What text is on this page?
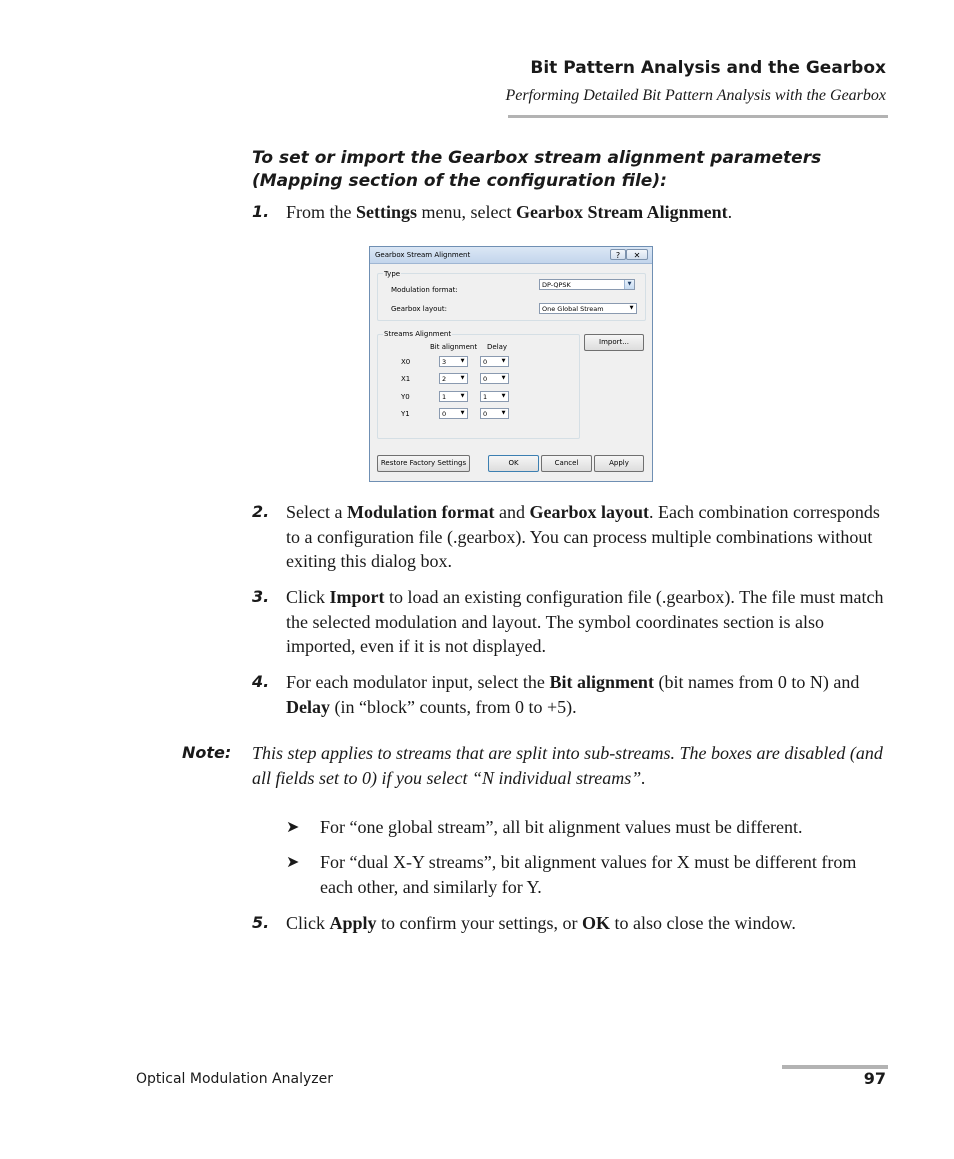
Bit Pattern Analysis and the Gearbox
Performing Detailed Bit Pattern Analysis with the Gearbox
To set or import the Gearbox stream alignment parameters
(Mapping section of the configuration file):
1. From the Settings menu, select Gearbox Stream Alignment.
Gearbox Stream Alignment	?	✕
Type
Modulation format:
DP-QPSK	▼
Gearbox layout:	One Global Stream	▼
Streams Alignment
Bit alignment Delay
X0	3	▼	0	▼
X1	2	▼	0	▼
Y0	1	▼	1	▼
Y1	0	▼	0	▼
Import...
Restore Factory Settings	OK	Cancel	Apply
2. Select a Modulation format and Gearbox layout. Each combination corresponds to a configuration file (.gearbox). You can process multiple combinations without exiting this dialog box.
3. Click Import to load an existing configuration file (.gearbox). The file must match the selected modulation and layout. The symbol coordinates section is also imported, even if it is not displayed.
4. For each modulator input, select the Bit alignment (bit names from 0 to N) and Delay (in “block” counts, from 0 to +5).
Note: This step applies to streams that are split into sub-streams. The boxes are disabled (and all fields set to 0) if you select “N individual streams”.
➤ For “one global stream”, all bit alignment values must be different.
➤ For “dual X-Y streams”, bit alignment values for X must be different from each other, and similarly for Y.
5. Click Apply to confirm your settings, or OK to also close the window.
Optical Modulation Analyzer	97
